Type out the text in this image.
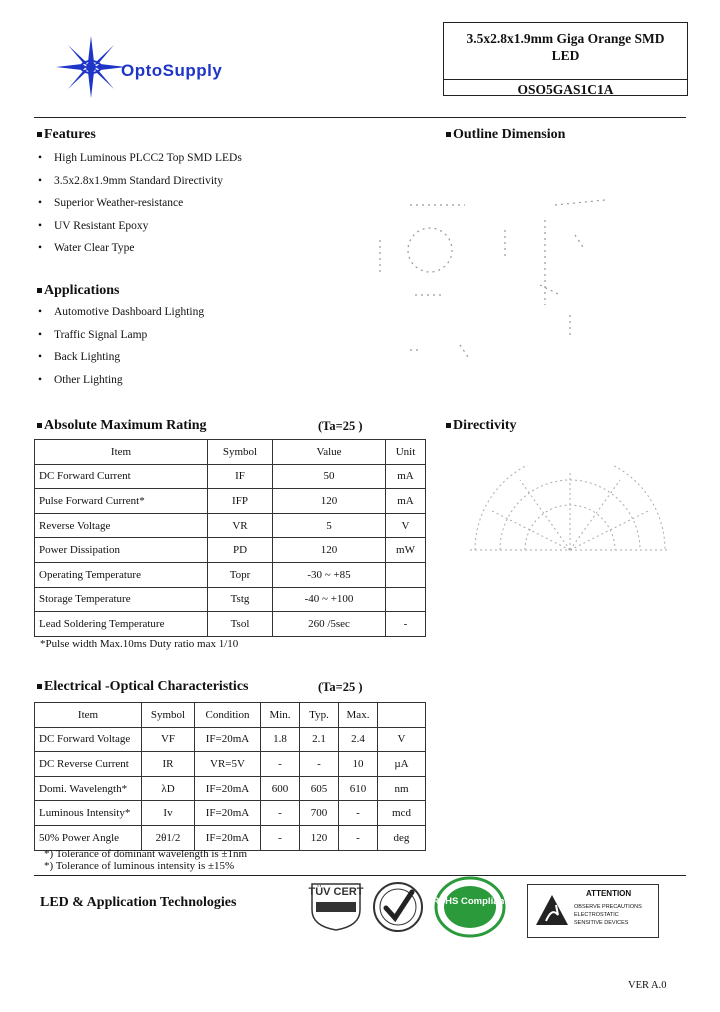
OptoSupply
3.5x2.8x1.9mm Giga Orange SMD
LED
OSO5GAS1C1A
Features
• High Luminous PLCC2 Top SMD LEDs
• 3.5x2.8x1.9mm Standard Directivity
• Superior Weather-resistance
• UV Resistant Epoxy
• Water Clear Type
Applications
• Automotive Dashboard Lighting
• Traffic Signal Lamp
• Back Lighting
• Other Lighting
Outline Dimension
Absolute Maximum Rating	(Ta=25 )
Item	Symbol	Value	Unit
DC Forward Current	IF	50	mA
Pulse Forward Current*	IFP	120	mA
Reverse Voltage	VR	5	V
Power Dissipation	PD	120	mW
Operating Temperature	Topr	-30 ~ +85	
Storage Temperature	Tstg	-40 ~ +100	
Lead Soldering Temperature	Tsol	260 /5sec	-
*Pulse width Max.10ms Duty ratio max 1/10
Directivity
Electrical -Optical Characteristics	(Ta=25 )
Item	Symbol	Condition	Min.	Typ.	Max.	
DC Forward Voltage	VF	IF=20mA	1.8	2.1	2.4	V
DC Reverse Current	IR	VR=5V	-	-	10	µA
Domi. Wavelength*	λD	IF=20mA	600	605	610	nm
Luminous Intensity*	Iv	IF=20mA	-	700	-	mcd
50% Power Angle	2θ1/2	IF=20mA	-	120	-	deg
*) Tolerance of dominant wavelength is ±1nm
*) Tolerance of luminous intensity is ±15%
LED & Application Technologies
TÜV CERT
RoHS Compliant
ATTENTION
OBSERVE PRECAUTIONS
ELECTROSTATIC
SENSITIVE DEVICES
VER A.0
